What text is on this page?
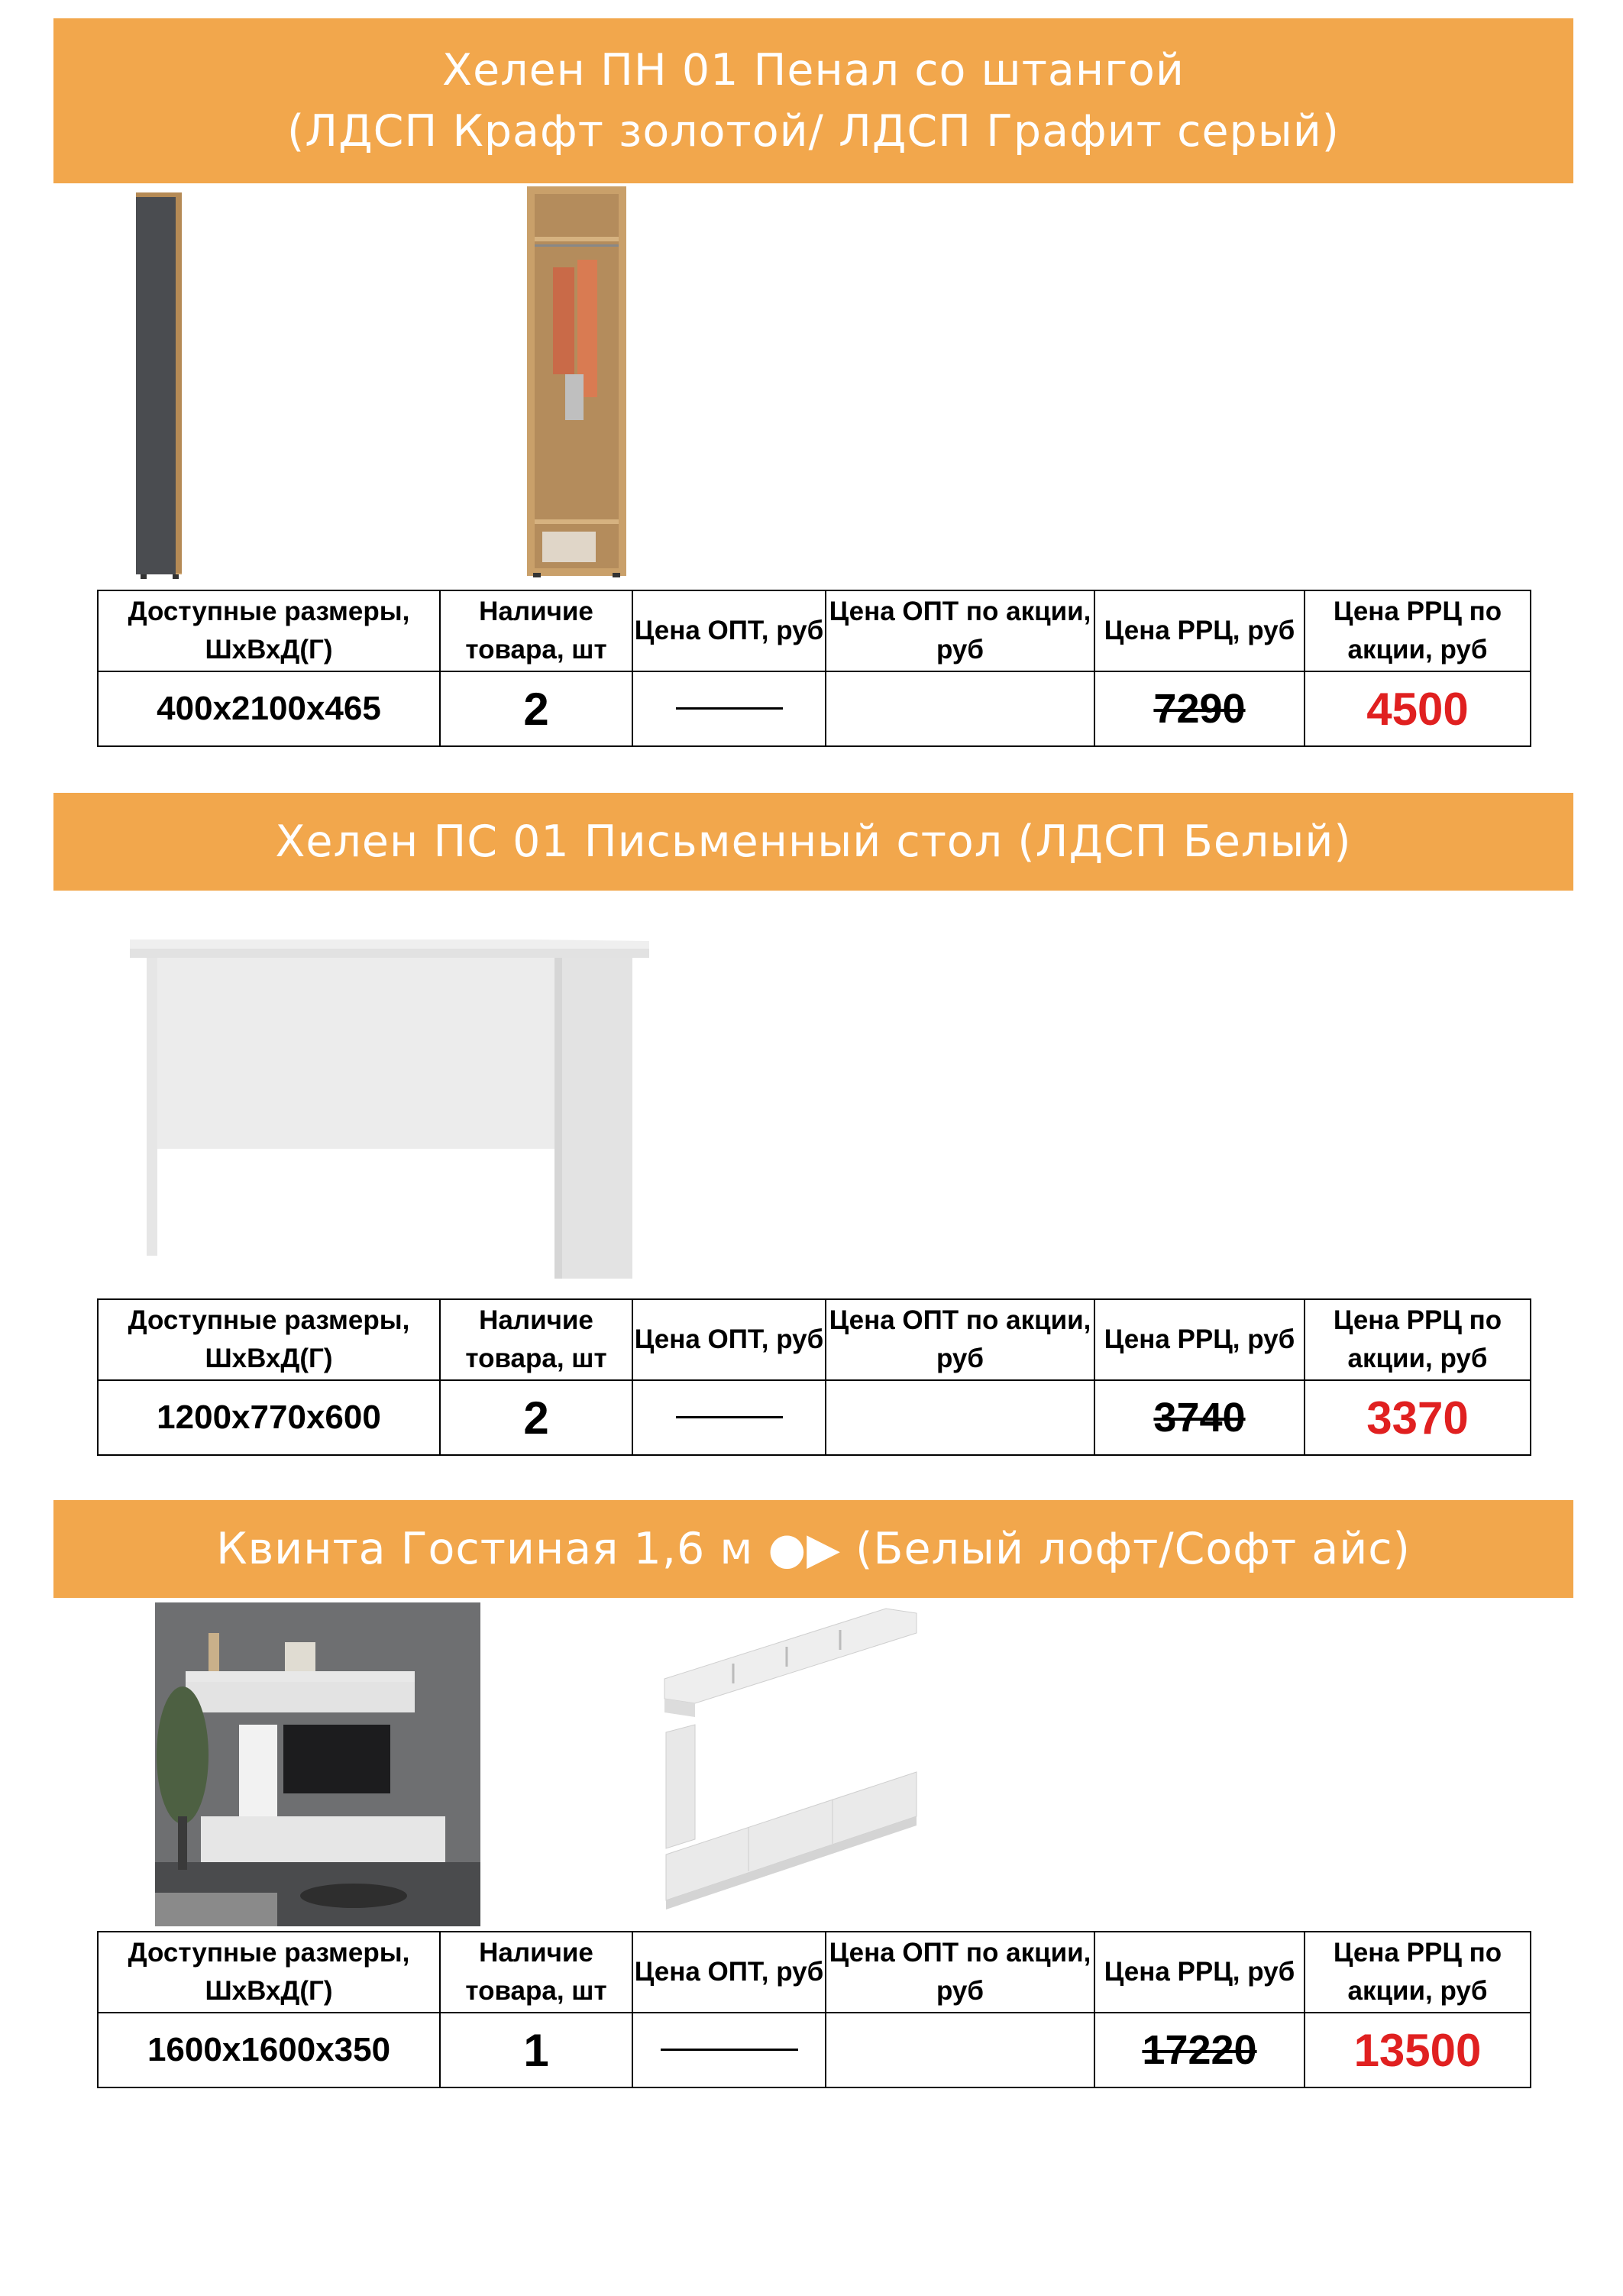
Хелен ПН 01 Пенал со штангой
(ЛДСП Крафт золотой/ ЛДСП Графит серый)
Доступные размеры, ШхВхД(Г)	Наличие товара, шт	Цена ОПТ, руб	Цена ОПТ по акции, руб	Цена РРЦ, руб	Цена РРЦ по акции, руб
400x2100x465	2			7290	4500
Хелен ПС 01 Письменный стол (ЛДСП Белый)
Доступные размеры, ШхВхД(Г)	Наличие товара, шт	Цена ОПТ, руб	Цена ОПТ по акции, руб	Цена РРЦ, руб	Цена РРЦ по акции, руб
1200x770x600	2			3740	3370
Квинта Гостиная 1,6 м ●▶ (Белый лофт/Софт айс)
Доступные размеры, ШхВхД(Г)	Наличие товара, шт	Цена ОПТ, руб	Цена ОПТ по акции, руб	Цена РРЦ, руб	Цена РРЦ по акции, руб
1600x1600x350	1			17220	13500
